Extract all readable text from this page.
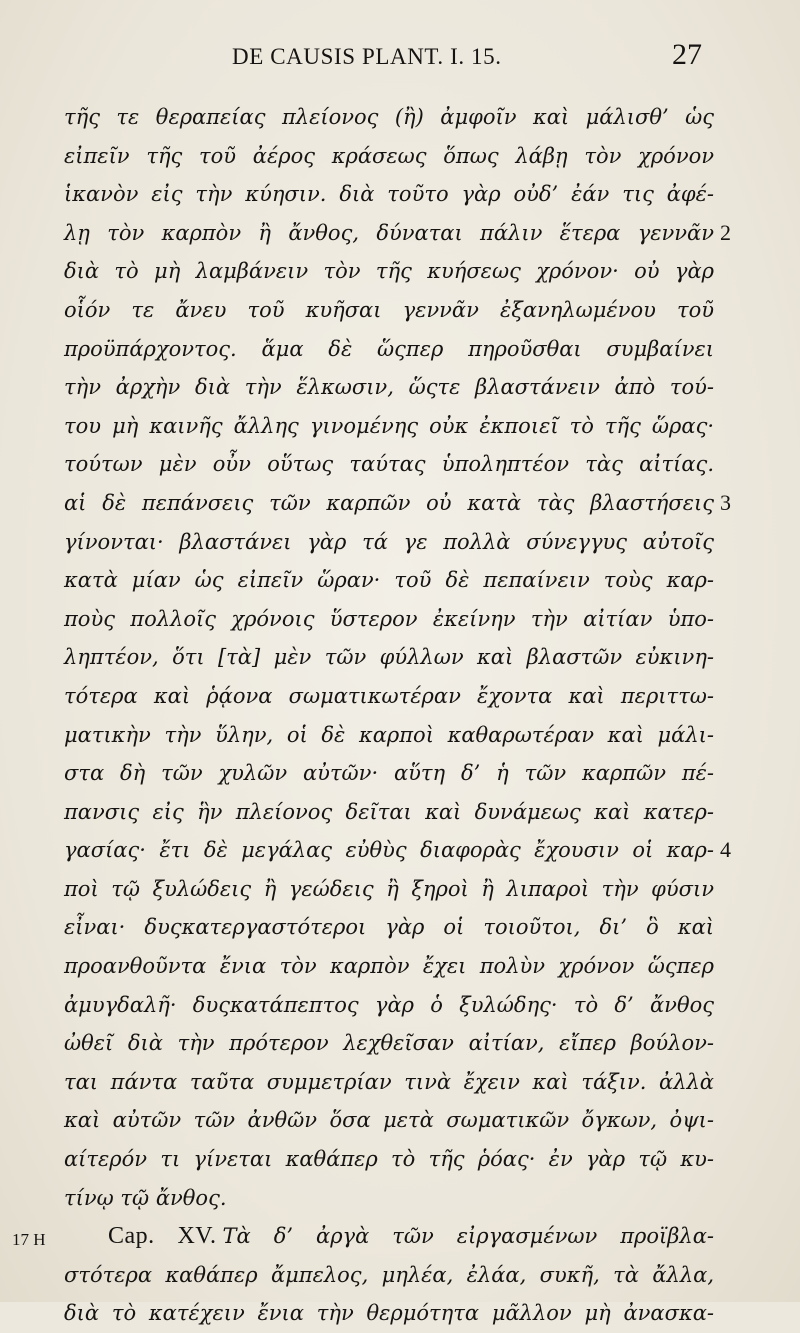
DE CAUSIS PLANT. I. 15.	27
τῆς τε θεραπείας πλείονος (ἢ) ἀμφοῖν καὶ μάλισθ’ ὡς
εἰπεῖν τῆς τοῦ ἀέρος κράσεως ὅπως λάβῃ τὸν χρόνον
ἱκανὸν εἰς τὴν κύησιν. διὰ τοῦτο γὰρ οὐδ’ ἐάν τις ἀφέ-
λῃ τὸν καρπὸν ἢ ἄνθος, δύναται πάλιν ἕτερα γεννᾶν 2
διὰ τὸ μὴ λαμβάνειν τὸν τῆς κυήσεως χρόνον· οὐ γὰρ
οἷόν τε ἄνευ τοῦ κυῆσαι γεννᾶν ἐξανηλωμένου τοῦ
προϋπάρχοντος. ἅμα δὲ ὥςπερ πηροῦσθαι συμβαίνει
τὴν ἀρχὴν διὰ τὴν ἕλκωσιν, ὥςτε βλαστάνειν ἀπὸ τού-
του μὴ καινῆς ἄλλης γινομένης οὐκ ἐκποιεῖ τὸ τῆς ὥρας·
τούτων μὲν οὖν οὕτως ταύτας ὑποληπτέον τὰς αἰτίας.
αἱ δὲ πεπάνσεις τῶν καρπῶν οὐ κατὰ τὰς βλαστήσεις 3
γίνονται· βλαστάνει γὰρ τά γε πολλὰ σύνεγγυς αὐτοῖς
κατὰ μίαν ὡς εἰπεῖν ὥραν· τοῦ δὲ πεπαίνειν τοὺς καρ-
ποὺς πολλοῖς χρόνοις ὕστερον ἐκείνην τὴν αἰτίαν ὑπο-
ληπτέον, ὅτι [τὰ] μὲν τῶν φύλλων καὶ βλαστῶν εὐκινη-
τότερα καὶ ῥᾴονα σωματικωτέραν ἔχοντα καὶ περιττω-
ματικὴν τὴν ὕλην, οἱ δὲ καρποὶ καθαρωτέραν καὶ μάλι-
στα δὴ τῶν χυλῶν αὐτῶν· αὕτη δ’ ἡ τῶν καρπῶν πέ-
πανσις εἰς ἣν πλείονος δεῖται καὶ δυνάμεως καὶ κατερ-
γασίας· ἔτι δὲ μεγάλας εὐθὺς διαφορὰς ἔχουσιν οἱ καρ- 4
ποὶ τῷ ξυλώδεις ἢ γεώδεις ἢ ξηροὶ ἢ λιπαροὶ τὴν φύσιν
εἶναι· δυςκατεργαστότεροι γὰρ οἱ τοιοῦτοι, δι’ ὃ καὶ
προανθοῦντα ἔνια τὸν καρπὸν ἔχει πολὺν χρόνον ὥςπερ
ἀμυγδαλῆ· δυςκατάπεπτος γὰρ ὁ ξυλώδης· τὸ δ’ ἄνθος
ὠθεῖ διὰ τὴν πρότερον λεχθεῖσαν αἰτίαν, εἴπερ βούλον-
ται πάντα ταῦτα συμμετρίαν τινὰ ἔχειν καὶ τάξιν. ἀλλὰ
καὶ αὐτῶν τῶν ἀνθῶν ὅσα μετὰ σωματικῶν ὄγκων, ὀψι-
αίτερόν τι γίνεται καθάπερ τὸ τῆς ῥόας· ἐν γὰρ τῷ κυ-
τίνῳ τῷ ἄνθος.
Cap. XV. Τὰ δ’ ἀργὰ τῶν εἰργασμένων προϊβλα-
17 H
στότερα καθάπερ ἄμπελος, μηλέα, ἐλάα, συκῆ, τὰ ἄλλα,
διὰ τὸ κατέχειν ἔνια τὴν θερμότητα μᾶλλον μὴ ἀνασκα-
